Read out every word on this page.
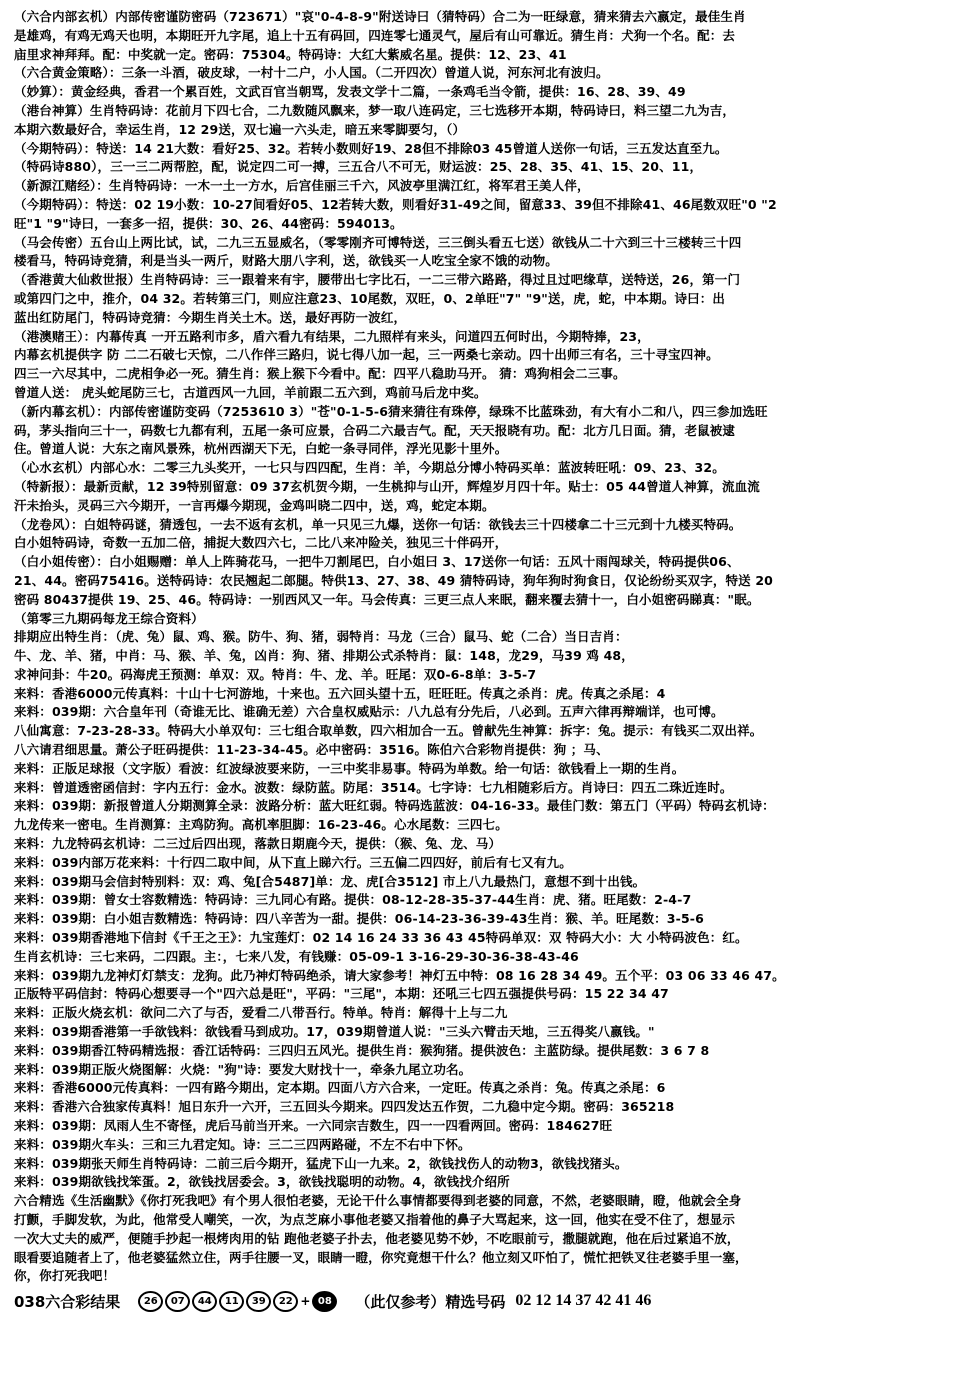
（六合内部玄机）内部传密谨防密码（723671）"哀"0-4-8-9"附送诗曰（猜特码）合二为一旺绿意，猜来猜去六嬴定，最佳生肖
是雄鸡，有鸡无鸡天也明，本期旺开九字尾，追上十五有码回，四连零七通灵气，屋后有山可靠近。猜生肖：犬狗一个名。配：去
庙里求神拜拜。配：中奖就一定。密码：75304。特码诗：大红大紫威名星。提供：12、23、41
（六合黄金策略）：三条一斗酒，破皮球，一村十二户，小人国。（二开四次）曾道人说，河东河北有波归。
（妙算）：黄金经典，香君一个累百姓，文武百官当朝骂，发表文学十二篇，一条鸡毛当令箭，提供：16、28、39、49
（港台神算）生肖特码诗：花前月下四七合，二九数随风飘来，梦一取八连码定，三七选移开本期，特码诗曰，料三望二九为吉，
本期六数最好合，幸运生肖，12 29送，双七遍一六头走，暗五来零脚要匀，（）
（今期特码）：特送：14 21大数：看好25、32。若转小数则好19、28但不排除03 45曾道人送你一句话，三五发达直至九。
（特码诗880），三一三二两帮腔，配，说定四二可一搏，三五合八不可无，财运波：25、28、35、41、15、20、11，
（新源江赌经）：生肖特码诗：一木一土一方水，后宫佳丽三千六，风波亭里满江红，将军君王美人伴，
（今期特码）：特送：02 19小数：10-27间看好05、12若转大数，则看好31-49之间，留意33、39但不排除41、46尾数双旺"0 "2
旺"1 "9"诗曰，一套多一招，提供：30、26、44密码：594013。
（马会传密）五台山上两比试，试，二九三五显威名，（零零刚齐可博特送，三三倒头看五七送）欲钱从二十六到三十三楼转三十四
楼看马，特码诗竞猜，利是当头一两斤，财路大朋八字利，送，欲钱买一人吃宝全家不饿的动物。
（香港黄大仙救世报）生肖特码诗：三一跟着来有宇，腰带出七字比石，一二三带六路路，得过且过吧缘草，送特送，26，第一门
或第四门之中，推介，04 32。若转第三门，则应注意23、10尾数，双旺，0、2单旺"7" "9"送，虎，蛇，中本期。诗曰：出
蓝出红防尾门，特码诗竞猜：今期生肖关土木。送，最好再防一波红，
（港澳赌王）：内幕传真 一开五路利市多，盾六看九有结果，二九照样有来头，问道四五何时出，今期特捧，23，
内幕玄机提供字 防 二二石破七天惊，二八作伴三路归，说七得八加一起，三一两桑七亲动。四十出师三有名，三十寻宝四神。
四三一六尽其中，二虎相争必一死。猜生肖：猴上猴下今看中。配：四平八稳助马开。 猜：鸡狗相会二三事。
曾道人送： 虎头蛇尾防三七，古道西风一九回，羊前跟二五六到，鸡前马后龙中奖。
（新内幕玄机）：内部传密谨防变码（7253610 3）"苍"0-1-5-6猜来猜往有珠停，绿珠不比蓝珠劲，有大有小二和八，四三参加选旺
码，茅头指向三十一，码数七九都有利，五尾一条可应景，合码二六最吉气。配，天天报晓有功。配：北方几日面。猜，老鼠被逮
住。曾道人说：大东之南风景殊，杭州西湖天下无，白蛇一条寻同伴，浮光见影十里外。
（心水玄机）内部心水：二零三九头奖开，一七只与四四配，生肖：羊，今期总分博小特码买单：蓝波转旺吼：09、23、32。
（特新报）：最新贡献，12 39特别留意：09 37玄机贺今期，一生桃抑与山开，辉煌岁月四十年。贴士：05 44曾道人神算，流血流
汗未抬头，灵码三六今期开，一言再爆今期现，金鸡叫晓二四中，送，鸡，蛇定本期。
（龙卷风）：白姐特码谜，猜透包，一去不返有玄机，单一只见三九爆，送你一句话：欲钱去三十四楼拿二十三元到十九楼买特码。
白小姐特码诗，奇数一五加二倍，捕捉大数四六七，二比八来冲险关，独见三十伴码开，
（白小姐传密）：白小姐赐赠：单人上阵骑花马，一把牛刀割尾巴，白小姐曰 3、17送你一句话：五风十雨闯球关，特码提供06、
21、44。密码75416。送特码诗：农民翘起二郎腿。特供13、27、38、49 猜特码诗，狗年狗时狗食日，仅论纷纷买双字，特送 20
密码 80437提供 19、25、46。特码诗：一别西风又一年。马会传真：三更三点人来眠，翻来覆去猜十一，白小姐密码睇真："眠。
（第零三九期码每龙王综合资料）
排期应出特生肖：（虎、兔）鼠、鸡、猴。防牛、狗、猪，弱特肖：马龙（三合）鼠马、蛇（二合）当日吉肖：
牛、龙、羊、猪，中肖：马、猴、羊、兔，凶肖：狗、猪、排期公式杀特肖：鼠：148，龙29，马39 鸡 48，
求神问卦：牛20。码海虎王预测：单双：双。特肖：牛、龙、羊。旺尾：双0-6-8单：3-5-7
来料：香港6000元传真料：十山十七河游地，十来也。五六回头望十五，旺旺旺。传真之杀肖：虎。传真之杀尾：4
来料：039期：六合皇年刊（奇谁无比、谁确无差）六合皇权威贴示：八九总有分先后，八必到。五声六律再辩端详，也可博。
八仙寓意：7-23-28-33。特码大小单双句：三七组合取单数，四六相加合一五。曾献先生神算：拆字：兔。提示：有钱买二双出祥。
八六请君细思量。萧公子旺码提供：11-23-34-45。必中密码：3516。陈伯六合彩物肖提供：狗 ；马、
来料：正版足球报（文字版）看波：红波绿波要来防，一三中奖非易事。特码为单数。给一句话：欲钱看上一期的生肖。
来料：曾道透密函信封：字内五行：金水。波数：绿防蓝。防尾：3514。七字诗：七九相随彩后方。肖诗曰：四五二珠近连时。
来料：039期：新报曾道人分期测算全录：波路分析：蓝大旺红弱。特码选蓝波：04-16-33。最佳门数：第五门（平码）特码玄机诗：
九龙传来一密电。生肖测算：主鸡防狗。高机率胆脚：16-23-46。心水尾数：三四七。
来料：九龙特码玄机诗：二三过后四出现，落款日期鹿今天，提供：（猴、兔、龙、马）
来料：039内部万花来料：十行四二取中间，从下直上睇六行。三五偏二四四好，前后有七又有九。
来料：039期马会信封特别料：双：鸡、兔[合5487]单：龙、虎[合3512] 市上八九最热门，意想不到十出钱。
来料：039期：曾女士容数精选：特码诗：三九同心有路。提供：08-12-28-35-37-44生肖：虎、猪。旺尾数：2-4-7
来料：039期：白小姐吉数精选：特码诗：四八辛苦为一甜。提供：06-14-23-36-39-43生肖：猴、羊。旺尾数：3-5-6
来料：039期香港地下信封《千王之王》：九宝莲灯：02 14 16 24 33 36 43 45特码单双：双 特码大小：大 小特码波色：红。
生肖玄机诗：三七来码，二四跟。主：，七来八发，有钱赚：05-09-1 3-16-29-30-36-38-43-46
来料：039期九龙神灯灯禁支：龙狗。此乃神灯特码绝杀，请大家参考！神灯五中特：08 16 28 34 49。五个平：03 06 33 46 47。
正版特平码信封：特码心想要寻一个"四六总是旺"，平码："三尾"，本期：还吼三七四五强提供号码：15 22 34 47
来料：正版火烧玄机：欲问二六了与否，爱看二八带吾行。特单。特肖：解得十上与二九
来料：039期香港第一手欲钱料：欲钱看马到成功。17，039期曾道人说："三头六臂击天地，三五得奖八嬴钱。"
来料：039期香江特码精选报：香江话特码：三四归五风光。提供生肖：猴狗猪。提供波色：主蓝防绿。提供尾数：3 6 7 8
来料：039期正版火烧图解：火烧："狗"诗：要发大财找十一，牵条九尾立功名。
来料：香港6000元传真料：一四有路今期出，定本期。四面八方六合来，一定旺。传真之杀肖：兔。传真之杀尾：6
来料：香港六合独家传真料！旭日东升一六开，三五回头今期来。四四发达五作贺，二九稳中定今期。密码：365218
来料：039期：凤雨人生不寄怪，虎后马前当开来。一六同宗吉数生，四一一四看两回。密码：184627旺
来料：039期火车头：三和三九君定知。诗：三二三四两路碰，不左不右中下怀。
来料：039期张天师生肖特码诗：二前三后今期开，猛虎下山一九来。2，欲钱找伤人的动物3，欲钱找猪头。
来料：039期欲钱找笨蛋。2，欲钱找居委会。3，欲钱找聪明的动物。4，欲钱找介绍所
六合精选《生活幽默》《你打死我吧》有个男人很怕老婆，无论干什么事情都要得到老婆的同意，不然，老婆眼睛，瞪，他就会全身
打颤，手脚发软，为此，他常受人嘲笑，一次，为点芝麻小事他老婆又指着他的鼻子大骂起来，这一回，他实在受不住了，想显示
一次大丈夫的威严，便随手抄起一根烤肉用的钻 跑他老婆子扑去，他老婆见势不妙，不吃眼前亏，撒腿就跑，他在后过紧追不放，
眼看要追随者上了，他老婆猛然立住，两手往腰一叉，眼睛一瞪，你究竟想干什么？他立刻又吓怕了，慌忙把铁叉往老婆手里一塞，
你，你打死我吧！
038六合彩结果	26	07	44	11	39	22 + 08	（此仅参考）精选号码 02 12 14 37 42 41 46
